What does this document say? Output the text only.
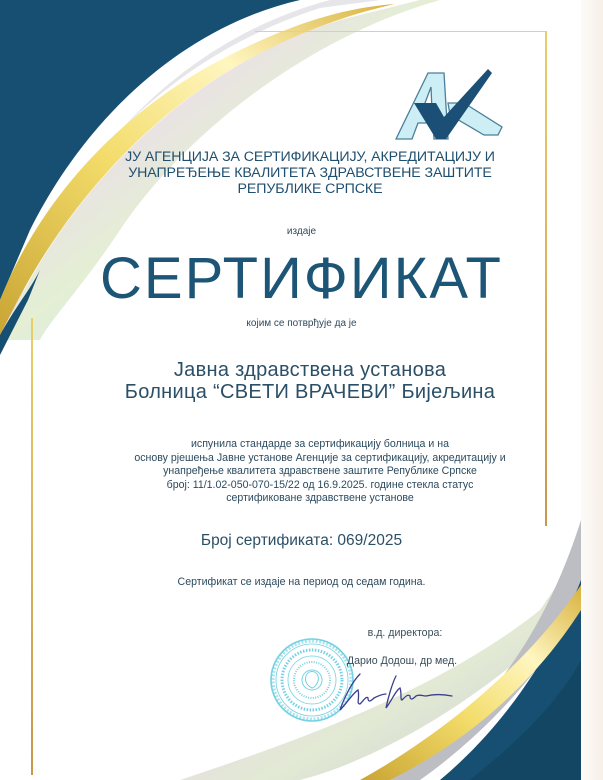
ЈУ АГЕНЦИЈА ЗА СЕРТИФИКАЦИЈУ, АКРЕДИТАЦИЈУ И
УНАПРЕЂЕЊЕ КВАЛИТЕТА ЗДРАВСТВЕНЕ ЗАШТИТЕ
РЕПУБЛИКЕ СРПСКЕ
издаје
СЕРТИФИКАТ
којим се потврђује да је
Јавна здравствена установа
Болница “СВЕТИ ВРАЧЕВИ” Бијељина
испунила стандарде за сертификацију болница и на
основу рјешења Јавне установе Агенције за сертификацију, акредитацију и
унапређење квалитета здравствене заштите Републике Српске
број: 11/1.02-050-070-15/22 од 16.9.2025. године стекла статус
сертификоване здравствене установе
Број сертификата: 069/2025
Сертификат се издаје на период од седам година.
в.д. директора:
Дарио Додош, др мед.
